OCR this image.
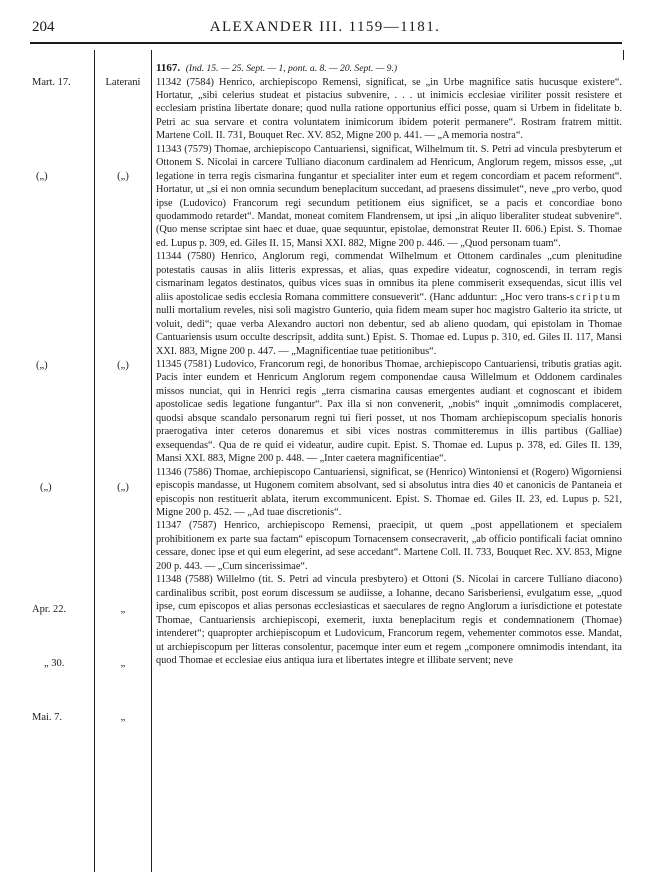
204	ALEXANDER III. 1159—1181.
Mart. 17.	Laterani
(„)	(„)
(„)	(„)
(„)	(„)
Apr. 22.	„
„ 30.	„
Mai. 7.	„
1167. (Ind. 15. — 25. Sept. — 1, pont. a. 8. — 20. Sept. — 9.)
11342 (7584) Henrico, archiepiscopo Remensi, significat, se „in Urbe magnifice satis hucusque existere“. Hortatur, „sibi celerius studeat et pistacius subvenire, . . . ut inimicis ecclesiae viriliter possit resistere et ecclesiam pristina libertate donare; quod nulla ratione opportunius effici posse, quam si Urbem in fidelitate b. Petri ac sua servare et contra voluntatem inimicorum ibidem poterit permanere“. Rostram fratrem mittit. Martene Coll. II. 731, Bouquet Rec. XV. 852, Migne 200 p. 441. — „A memoria nostra“.
11343 (7579) Thomae, archiepiscopo Cantuariensi, significat, Wilhelmum tit. S. Petri ad vincula presbyterum et Ottonem S. Nicolai in carcere Tulliano diaconum cardinalem ad Henricum, Anglorum regem, missos esse, „ut legatione in terra regis cismarina fungantur et specialiter inter eum et regem concordiam et pacem reforment“. Hortatur, ut „si ei non omnia secundum beneplacitum succedant, ad praesens dissimulet“, neve „pro verbo, quod ipse (Ludovico) Francorum regi secundum petitionem eius significet, se a pacis et concordiae bono quodammodo retardet“. Mandat, moneat comitem Flandrensem, ut ipsi „in aliquo liberaliter studeat subvenire“. (Quo mense scriptae sint haec et duae, quae sequuntur, epistolae, demonstrat Reuter II. 606.) Epist. S. Thomae ed. Lupus p. 309, ed. Giles II. 15, Mansi XXI. 882, Migne 200 p. 446. — „Quod personam tuam“.
11344 (7580) Henrico, Anglorum regi, commendat Wilhelmum et Ottonem cardinales „cum plenitudine potestatis causas in aliis litteris expressas, et alias, quas expedire videatur, cognoscendi, in terram regis cismarinam legatos destinatos, quibus vices suas in omnibus ita plene commiserit exsequendas, sicut illis vel aliis apostolicae sedis ecclesia Romana committere consueverit“. (Hanc adduntur: „Hoc vero trans-scriptum nulli mortalium reveles, nisi soli magistro Gunterio, quia fidem meam super hoc magistro Galterio ita stricte, ut voluit, dedi“; quae verba Alexandro auctori non debentur, sed ab alieno quodam, qui epistolam in Thomae Cantuariensis usum occulte descripsit, addita sunt.) Epist. S. Thomae ed. Lupus p. 310, ed. Giles II. 117, Mansi XXI. 883, Migne 200 p. 447. — „Magnificentiae tuae petitionibus“.
11345 (7581) Ludovico, Francorum regi, de honoribus Thomae, archiepiscopo Cantuariensi, tributis gratias agit. Pacis inter eundem et Henricum Anglorum regem componendae causa Willelmum et Oddonem cardinales missos nunciat, qui in Henrici regis „terra cismarina causas emergentes audiant et cognoscant et ibidem apostolicae sedis legatione fungantur“. Pax illa si non convenerit, „nobis“ inquit „omnimodis complaceret, quodsi absque scandalo personarum regni tui fieri posset, ut nos Thomam archiepiscopum specialis honoris praerogativa inter ceteros donaremus et sibi vices nostras committeremus in illis partibus (Galliae) exsequendas“. Qua de re quid ei videatur, audire cupit. Epist. S. Thomae ed. Lupus p. 378, ed. Giles II. 139, Mansi XXI. 883, Migne 200 p. 448. — „Inter caetera magnificentiae“.
11346 (7586) Thomae, archiepiscopo Cantuariensi, significat, se (Henrico) Wintoniensi et (Rogero) Wigorniensi episcopis mandasse, ut Hugonem comitem absolvant, sed si absolutus intra dies 40 et canonicis de Pantaneia et episcopis non restituerit ablata, iterum excommunicent. Epist. S. Thomae ed. Giles II. 23, ed. Lupus p. 521, Migne 200 p. 452. — „Ad tuae discretionis“.
11347 (7587) Henrico, archiepiscopo Remensi, praecipit, ut quem „post appellationem et specialem prohibitionem ex parte sua factam“ episcopum Tornacensem consecraverit, „ab officio pontificali faciat omnino cessare, donec ipse et qui eum elegerint, ad sese accedant“. Martene Coll. II. 733, Bouquet Rec. XV. 853, Migne 200 p. 443. — „Cum sincerissimae“.
11348 (7588) Willelmo (tit. S. Petri ad vincula presbytero) et Ottoni (S. Nicolai in carcere Tulliano diacono) cardinalibus scribit, post eorum discessum se audiisse, a Iohanne, decano Sarisberiensi, evulgatum esse, „quod ipse, cum episcopos et alias personas ecclesiasticas et saeculares de regno Anglorum a iurisdictione et potestate Thomae, Cantuariensis archiepiscopi, exemerit, iuxta beneplacitum regis et condemnationem (Thomae) intenderet“; quapropter archiepiscopum et Ludovicum, Francorum regem, vehementer commotos esse. Mandat, ut archiepiscopum per litteras consolentur, pacemque inter eum et regem „componere omnimodis intendant, ita quod Thomae et ecclesiae eius antiqua iura et libertates integre et illibate servent; neve
